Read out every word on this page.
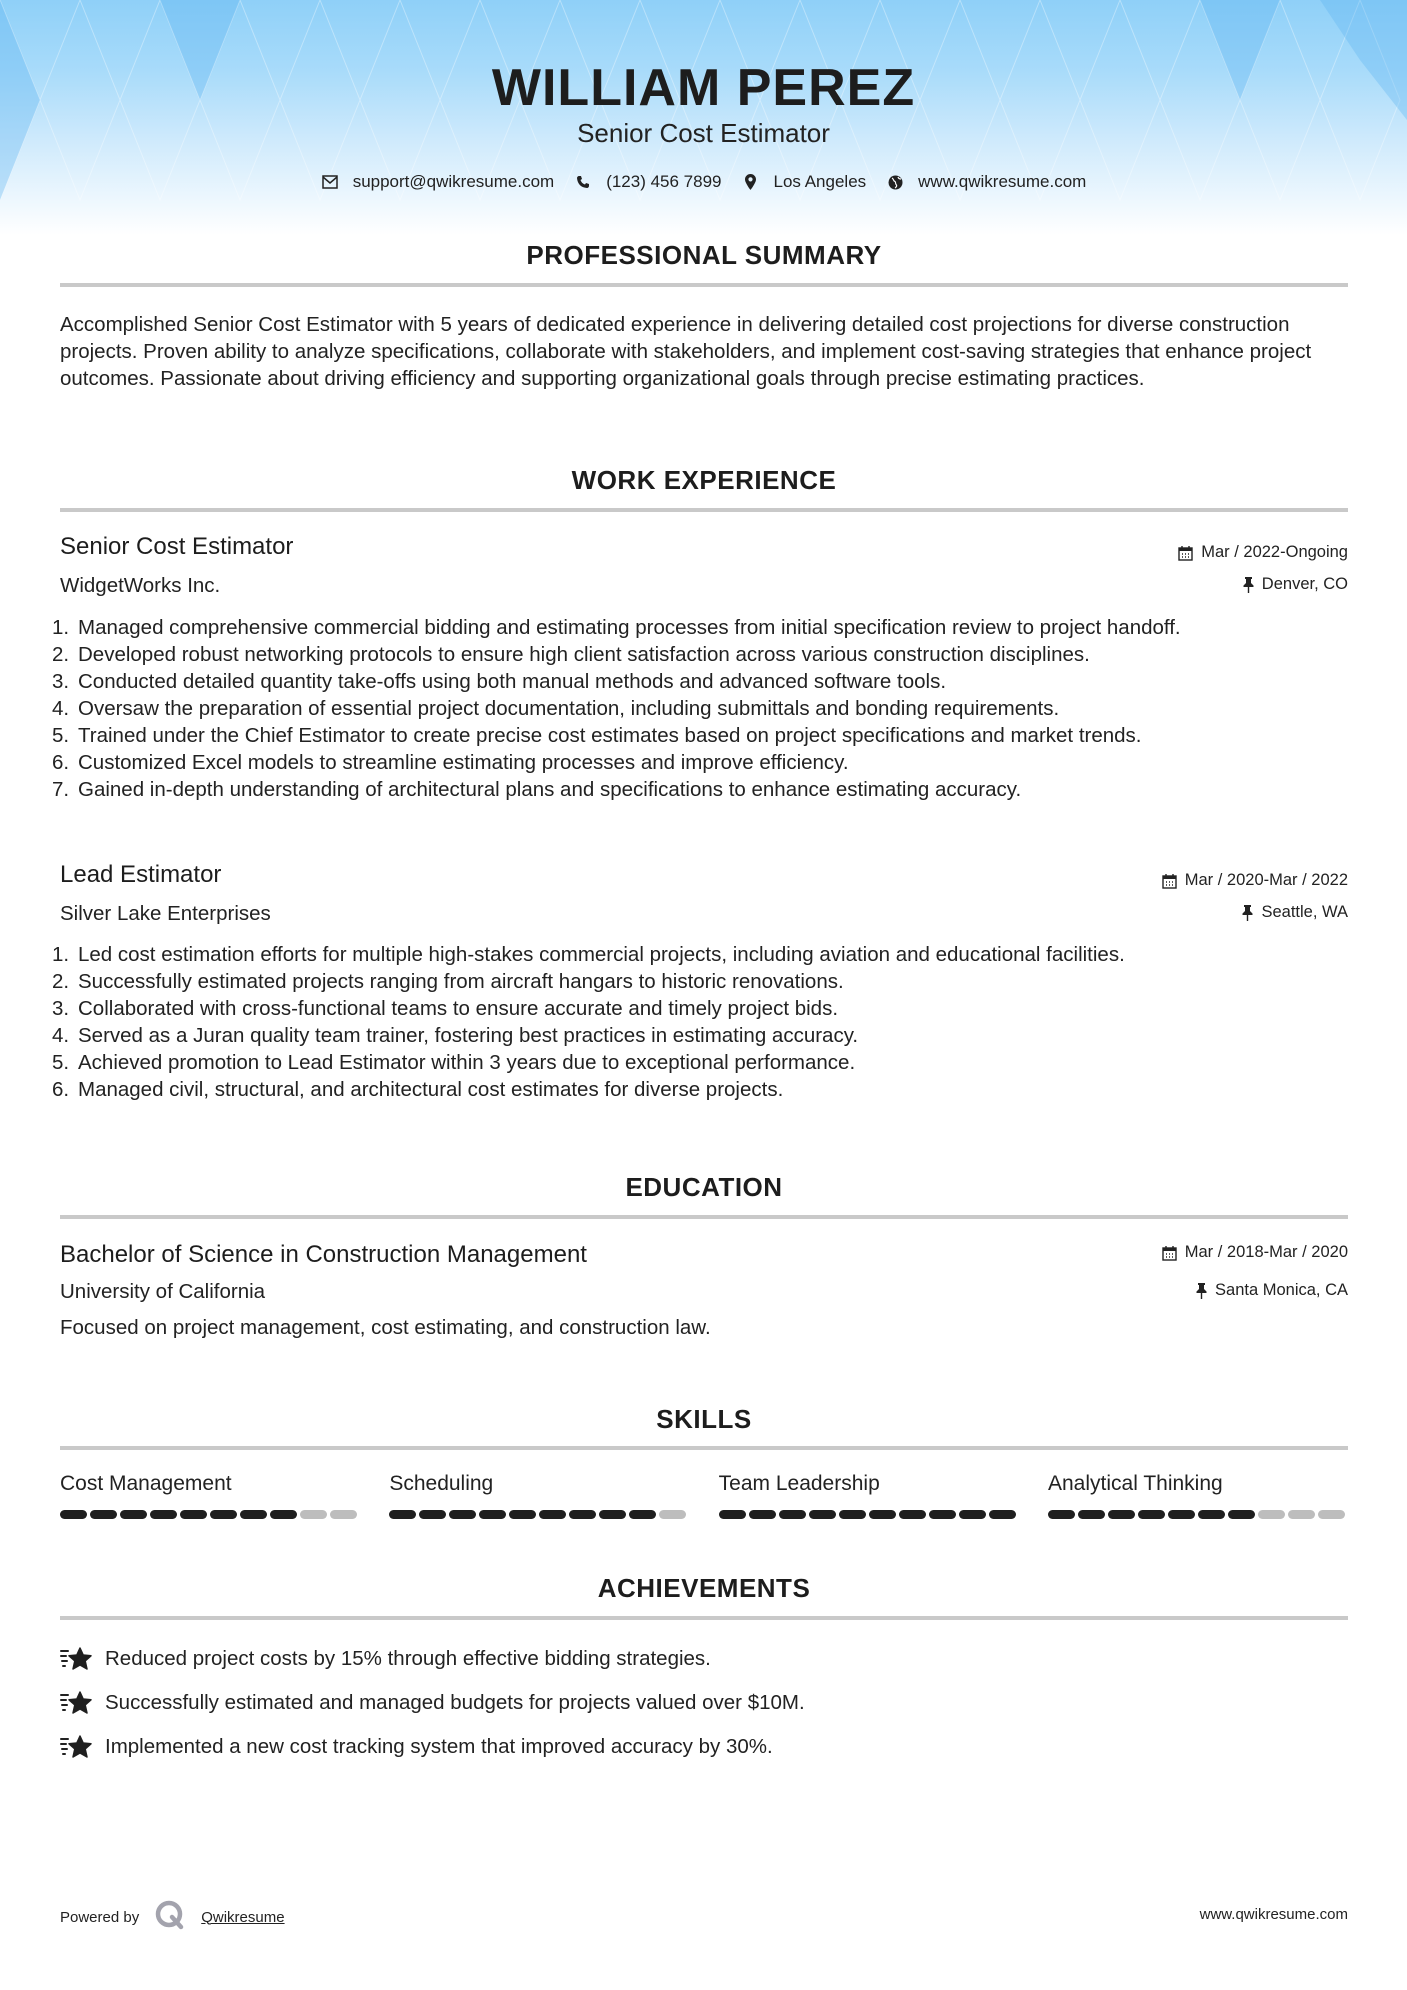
WILLIAM PEREZ
Senior Cost Estimator
support@qwikresume.com	(123) 456 7899	Los Angeles	www.qwikresume.com
PROFESSIONAL SUMMARY
Accomplished Senior Cost Estimator with 5 years of dedicated experience in delivering detailed cost projections for diverse construction projects. Proven ability to analyze specifications, collaborate with stakeholders, and implement cost-saving strategies that enhance project outcomes. Passionate about driving efficiency and supporting organizational goals through precise estimating practices.
WORK EXPERIENCE
Senior Cost Estimator	Mar / 2022-Ongoing
WidgetWorks Inc.	Denver, CO
1. Managed comprehensive commercial bidding and estimating processes from initial specification review to project handoff.
2. Developed robust networking protocols to ensure high client satisfaction across various construction disciplines.
3. Conducted detailed quantity take-offs using both manual methods and advanced software tools.
4. Oversaw the preparation of essential project documentation, including submittals and bonding requirements.
5. Trained under the Chief Estimator to create precise cost estimates based on project specifications and market trends.
6. Customized Excel models to streamline estimating processes and improve efficiency.
7. Gained in-depth understanding of architectural plans and specifications to enhance estimating accuracy.
Lead Estimator	Mar / 2020-Mar / 2022
Silver Lake Enterprises	Seattle, WA
1. Led cost estimation efforts for multiple high-stakes commercial projects, including aviation and educational facilities.
2. Successfully estimated projects ranging from aircraft hangars to historic renovations.
3. Collaborated with cross-functional teams to ensure accurate and timely project bids.
4. Served as a Juran quality team trainer, fostering best practices in estimating accuracy.
5. Achieved promotion to Lead Estimator within 3 years due to exceptional performance.
6. Managed civil, structural, and architectural cost estimates for diverse projects.
EDUCATION
Bachelor of Science in Construction Management	Mar / 2018-Mar / 2020
University of California	Santa Monica, CA
Focused on project management, cost estimating, and construction law.
SKILLS
Cost Management	Scheduling	Team Leadership	Analytical Thinking
ACHIEVEMENTS
Reduced project costs by 15% through effective bidding strategies.
Successfully estimated and managed budgets for projects valued over $10M.
Implemented a new cost tracking system that improved accuracy by 30%.
Powered by	Qwikresume	www.qwikresume.com
